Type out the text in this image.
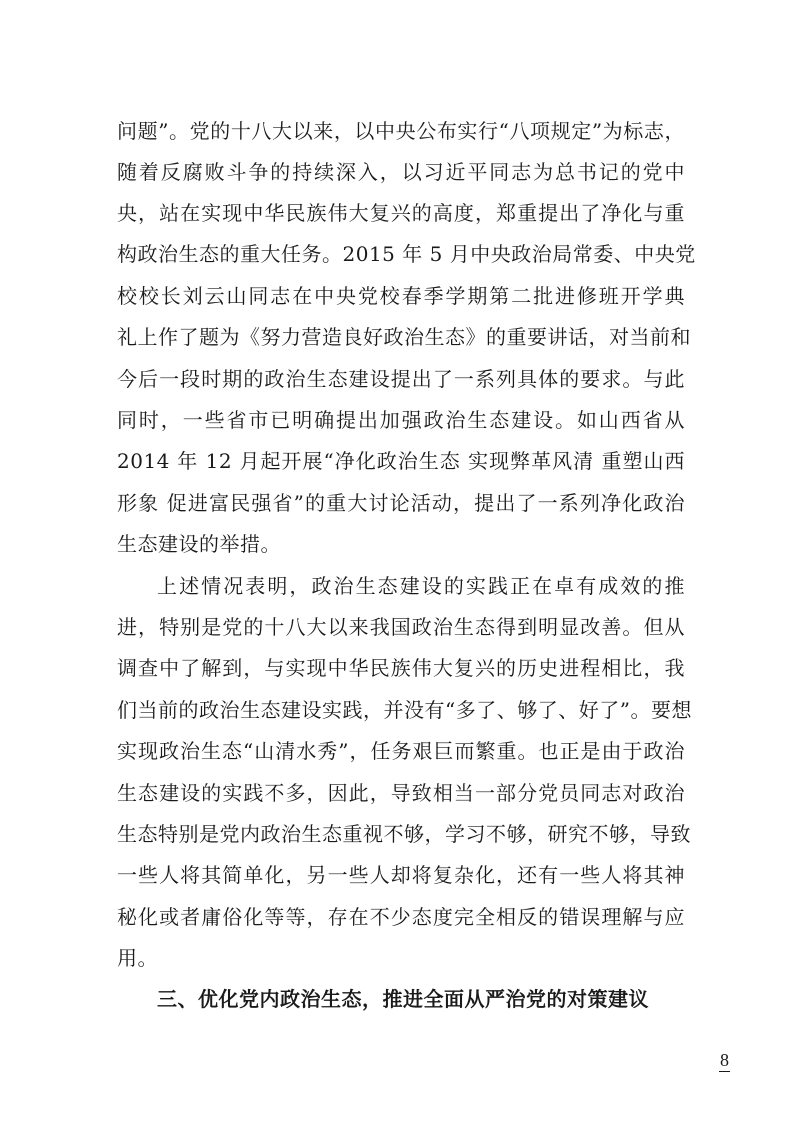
问题”。党的十八大以来，以中央公布实行“八项规定”为标志，
随着反腐败斗争的持续深入，以习近平同志为总书记的党中
央，站在实现中华民族伟大复兴的高度，郑重提出了净化与重
构政治生态的重大任务。2015 年 5 月中央政治局常委、中央党
校校长刘云山同志在中央党校春季学期第二批进修班开学典
礼上作了题为《努力营造良好政治生态》的重要讲话，对当前和
今后一段时期的政治生态建设提出了一系列具体的要求。与此
同时，一些省市已明确提出加强政治生态建设。如山西省从
2014 年 12 月起开展“净化政治生态 实现弊革风清 重塑山西
形象 促进富民强省”的重大讨论活动，提出了一系列净化政治
生态建设的举措。
上述情况表明，政治生态建设的实践正在卓有成效的推
进，特别是党的十八大以来我国政治生态得到明显改善。但从
调查中了解到，与实现中华民族伟大复兴的历史进程相比，我
们当前的政治生态建设实践，并没有“多了、够了、好了”。要想
实现政治生态“山清水秀”，任务艰巨而繁重。也正是由于政治
生态建设的实践不多，因此，导致相当一部分党员同志对政治
生态特别是党内政治生态重视不够，学习不够，研究不够，导致
一些人将其简单化，另一些人却将复杂化，还有一些人将其神
秘化或者庸俗化等等，存在不少态度完全相反的错误理解与应
用。
三、优化党内政治生态，推进全面从严治党的对策建议
8
